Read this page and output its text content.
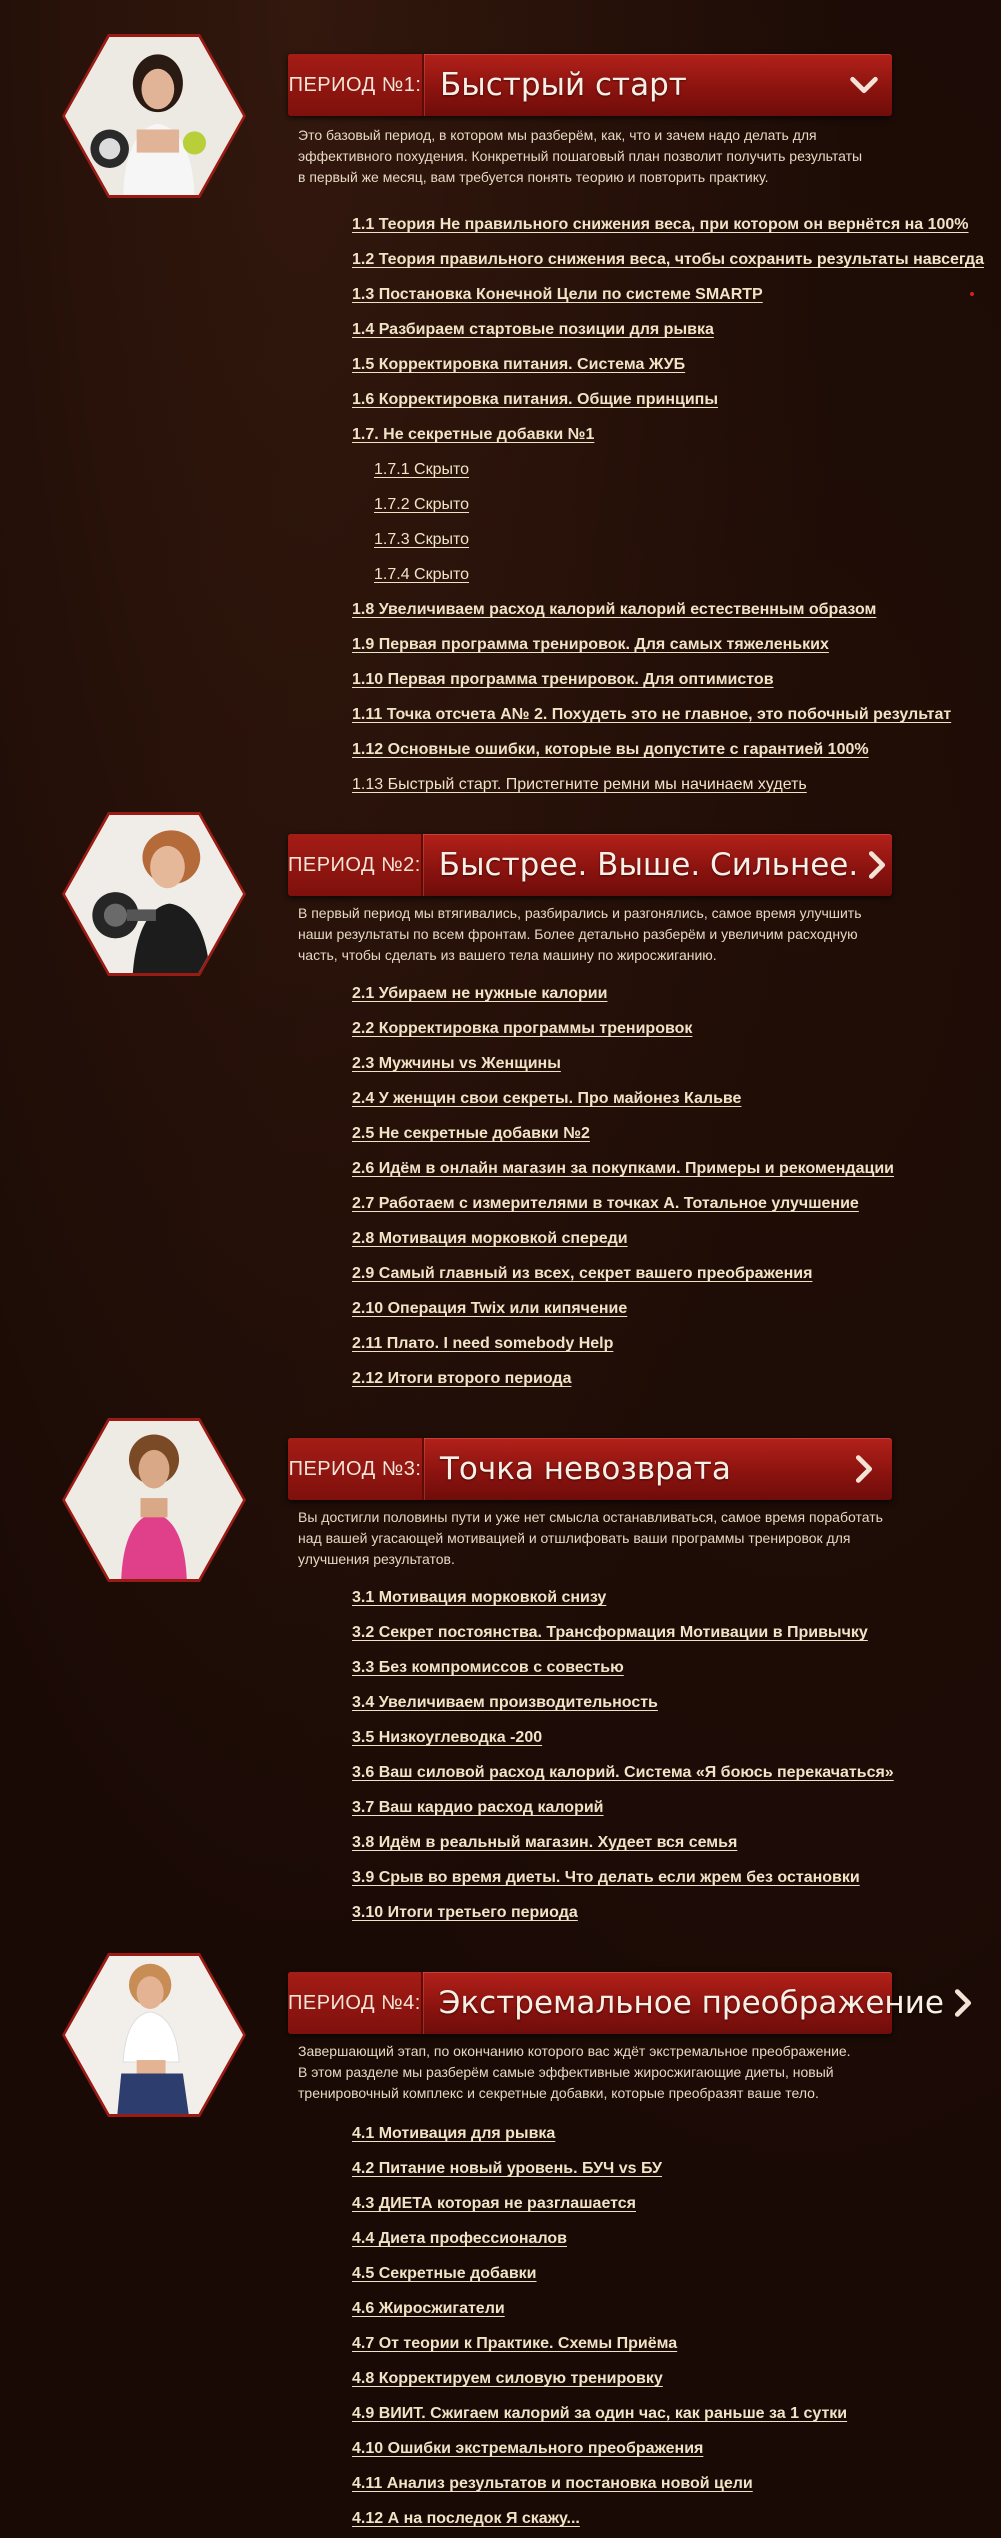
ПЕРИОД №1: Быстрый старт
Это базовый период, в котором мы разберём, как, что и зачем надо делать для
эффективного похудения. Конкретный пошаговый план позволит получить результаты
в первый же месяц, вам требуется понять теорию и повторить практику.
1.1 Теория Не правильного снижения веса, при котором он вернётся на 100%
1.2 Теория правильного снижения веса, чтобы сохранить результаты навсегда
1.3 Постановка Конечной Цели по системе SMARTP
1.4 Разбираем стартовые позиции для рывка
1.5 Корректировка питания. Система ЖУБ
1.6 Корректировка питания. Общие принципы
1.7. Не секретные добавки №1
1.7.1 Скрыто
1.7.2 Скрыто
1.7.3 Скрыто
1.7.4 Скрыто
1.8 Увеличиваем расход калорий калорий естественным образом
1.9 Первая программа тренировок. Для самых тяжеленьких
1.10 Первая программа тренировок. Для оптимистов
1.11 Точка отсчета А№ 2. Похудеть это не главное, это побочный результат
1.12 Основные ошибки, которые вы допустите с гарантией 100%
1.13 Быстрый старт. Пристегните ремни мы начинаем худеть
ПЕРИОД №2: Быстрее. Выше. Сильнее.
В первый период мы втягивались, разбирались и разгонялись, самое время улучшить
наши результаты по всем фронтам. Более детально разберём и увеличим расходную
часть, чтобы сделать из вашего тела машину по жиросжиганию.
2.1 Убираем не нужные калории
2.2 Корректировка программы тренировок
2.3 Мужчины vs Женщины
2.4 У женщин свои секреты. Про майонез Кальве
2.5 Не секретные добавки №2
2.6 Идём в онлайн магазин за покупками. Примеры и рекомендации
2.7 Работаем с измерителями в точках А. Тотальное улучшение
2.8 Мотивация морковкой спереди
2.9 Самый главный из всех, секрет вашего преображения
2.10 Операция Twix или кипячение
2.11 Плато. I need somebody Help
2.12 Итоги второго периода
ПЕРИОД №3: Точка невозврата
Вы достигли половины пути и уже нет смысла останавливаться, самое время поработать
над вашей угасающей мотивацией и отшлифовать ваши программы тренировок для
улучшения результатов.
3.1 Мотивация морковкой снизу
3.2 Секрет постоянства. Трансформация Мотивации в Привычку
3.3 Без компромиссов с совестью
3.4 Увеличиваем производительность
3.5 Низкоуглеводка -200
3.6 Ваш силовой расход калорий. Система «Я боюсь перекачаться»
3.7 Ваш кардио расход калорий
3.8 Идём в реальный магазин. Худеет вся семья
3.9 Срыв во время диеты. Что делать если жрем без остановки
3.10 Итоги третьего периода
ПЕРИОД №4: Экстремальное преображение
Завершающий этап, по окончанию которого вас ждёт экстремальное преображение.
В этом разделе мы разберём самые эффективные жиросжигающие диеты, новый
тренировочный комплекс и секретные добавки, которые преобразят ваше тело.
4.1 Мотивация для рывка
4.2 Питание новый уровень. БУЧ vs БУ
4.3 ДИЕТА которая не разглашается
4.4 Диета профессионалов
4.5 Секретные добавки
4.6 Жиросжигатели
4.7 От теории к Практике. Схемы Приёма
4.8 Корректируем силовую тренировку
4.9 ВИИТ. Сжигаем калорий за один час, как раньше за 1 сутки
4.10 Ошибки экстремального преображения
4.11 Анализ результатов и постановка новой цели
4.12 А на последок Я скажу...
